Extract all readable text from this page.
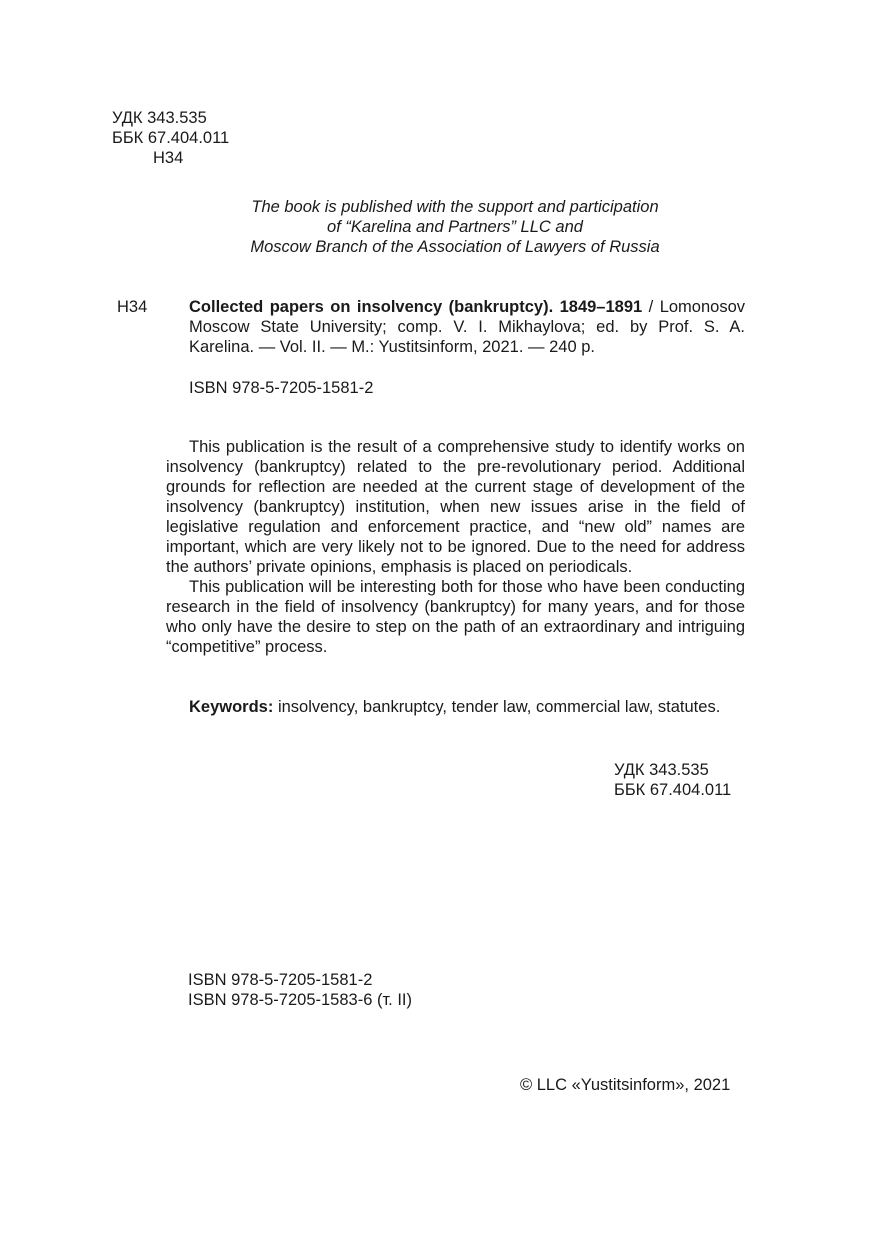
УДК 343.535
ББК 67.404.011
Н34
The book is published with the support and participation
of “Karelina and Partners” LLC and
Moscow Branch of the Association of Lawyers of Russia
Н34	Collected papers on insolvency (bankruptcy). 1849–1891 / Lomonosov Moscow State University; comp. V. I. Mikhaylova; ed. by Prof. S. A. Karelina. — Vol. II. — M.: Yustitsinform, 2021. — 240 p.
ISBN 978-5-7205-1581-2

This publication is the result of a comprehensive study to identify works on insolvency (bankruptcy) related to the pre-revolutionary period. Additional grounds for reflection are needed at the current stage of development of the insolvency (bankruptcy) institution, when new issues arise in the field of legislative regulation and enforcement practice, and “new old” names are important, which are very likely not to be ignored. Due to the need for address the authors’ private opinions, emphasis is placed on periodicals.

This publication will be interesting both for those who have been conducting research in the field of insolvency (bankruptcy) for many years, and for those who only have the desire to step on the path of an extraordinary and intriguing “competitive” process.

Keywords: insolvency, bankruptcy, tender law, commercial law, statutes.
УДК 343.535
ББК 67.404.011
ISBN 978-5-7205-1581-2
ISBN 978-5-7205-1583-6 (т. II)
© LLC «Yustitsinform», 2021
